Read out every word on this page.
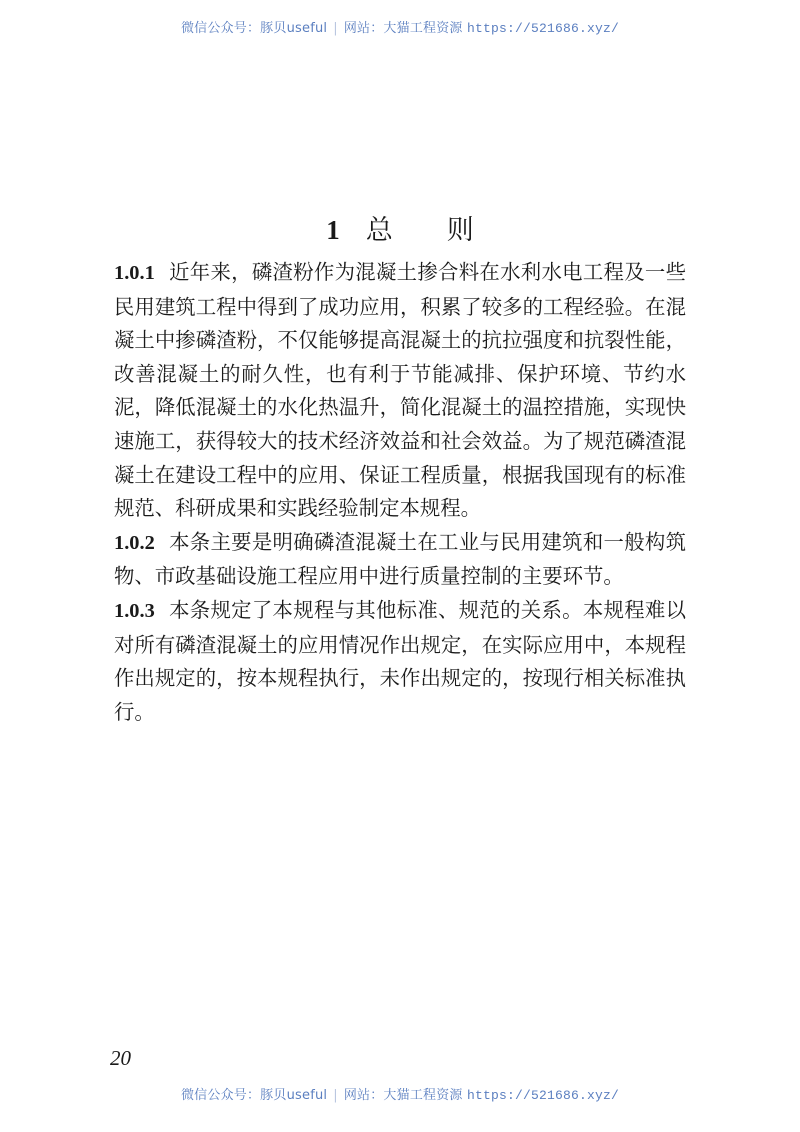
微信公众号：豚贝useful | 网站：大猫工程资源 https://521686.xyz/
1 总 则

1.0.1 近年来，磷渣粉作为混凝土掺合料在水利水电工程及一些民用建筑工程中得到了成功应用，积累了较多的工程经验。在混凝土中掺磷渣粉，不仅能够提高混凝土的抗拉强度和抗裂性能，改善混凝土的耐久性，也有利于节能减排、保护环境、节约水泥，降低混凝土的水化热温升，简化混凝土的温控措施，实现快速施工，获得较大的技术经济效益和社会效益。为了规范磷渣混凝土在建设工程中的应用、保证工程质量，根据我国现有的标准规范、科研成果和实践经验制定本规程。

1.0.2 本条主要是明确磷渣混凝土在工业与民用建筑和一般构筑物、市政基础设施工程应用中进行质量控制的主要环节。

1.0.3 本条规定了本规程与其他标准、规范的关系。本规程难以对所有磷渣混凝土的应用情况作出规定，在实际应用中，本规程作出规定的，按本规程执行，未作出规定的，按现行相关标准执行。

20
微信公众号：豚贝useful | 网站：大猫工程资源 https://521686.xyz/
